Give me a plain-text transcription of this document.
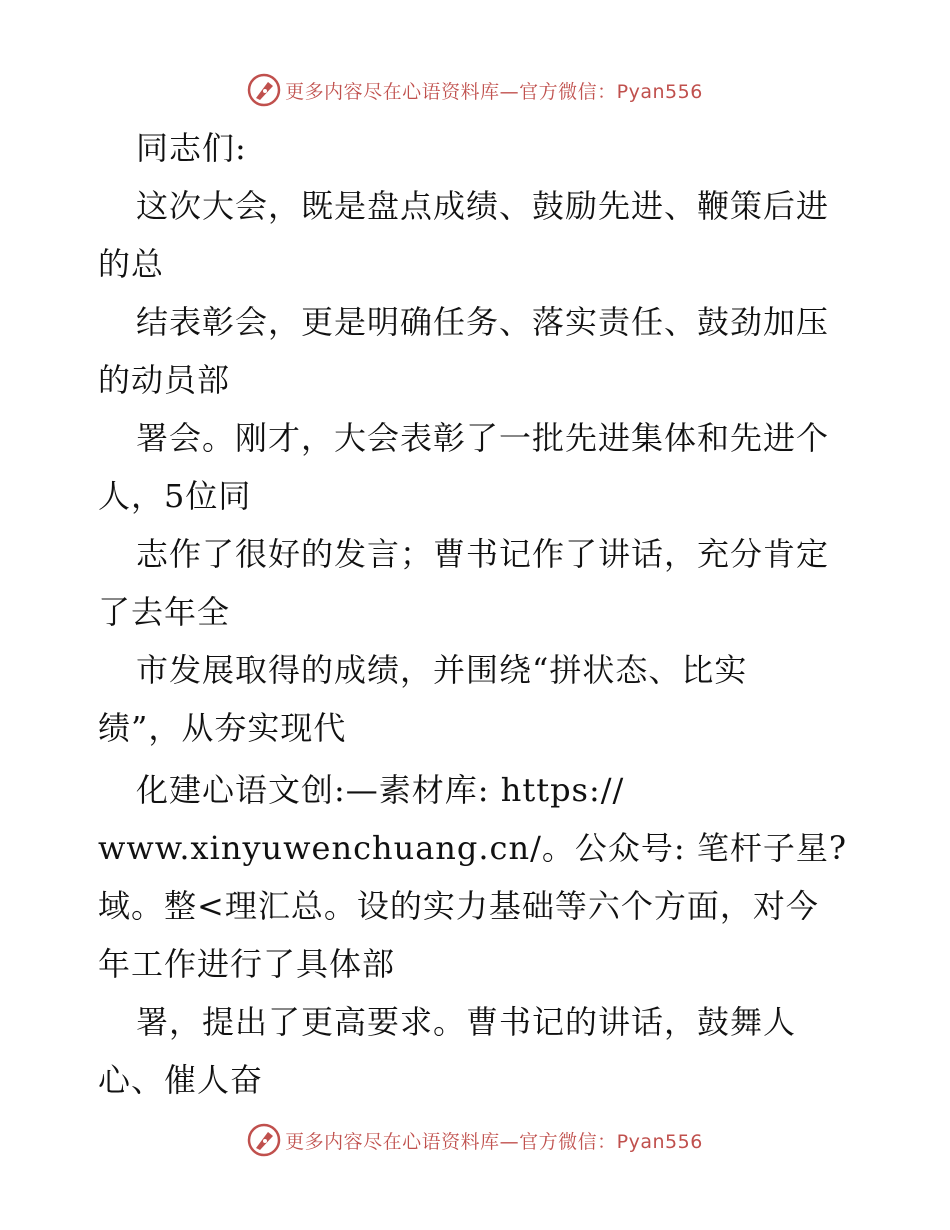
更多内容尽在心语资料库—官方微信：Pyan556
同志们:
这次大会，既是盘点成绩、鼓励先进、鞭策后进
的总
结表彰会，更是明确任务、落实责任、鼓劲加压
的动员部
署会。刚才，大会表彰了一批先进集体和先进个
人，5位同
志作了很好的发言；曹书记作了讲话，充分肯定
了去年全
市发展取得的成绩，并围绕“拼状态、比实
绩”，从夯实现代
化建心语文创:—素材库: https://
www.xinyuwenchuang.cn/。公众号: 笔杆子星?
域。整<理汇总。设的实力基础等六个方面，对今
年工作进行了具体部
署，提出了更高要求。曹书记的讲话，鼓舞人
心、催人奋
更多内容尽在心语资料库—官方微信：Pyan556
